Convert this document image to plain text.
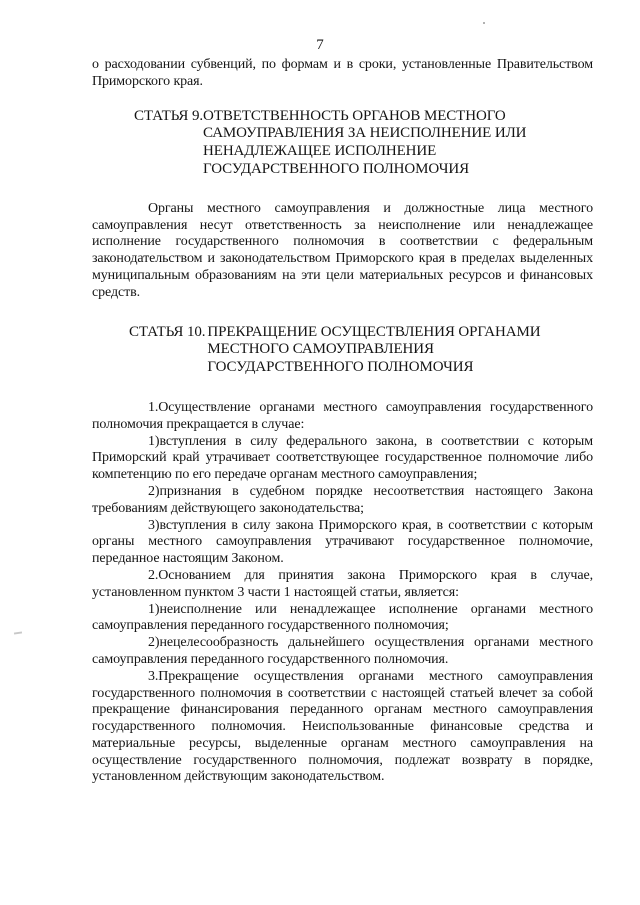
7

о расходовании субвенций, по формам и в сроки, установленные Правительством Приморского края.

СТАТЬЯ 9. ОТВЕТСТВЕННОСТЬ ОРГАНОВ МЕСТНОГО САМОУПРАВЛЕНИЯ ЗА НЕИСПОЛНЕНИЕ ИЛИ НЕНАДЛЕЖАЩЕЕ ИСПОЛНЕНИЕ ГОСУДАРСТВЕННОГО ПОЛНОМОЧИЯ

Органы местного самоуправления и должностные лица местного самоуправления несут ответственность за неисполнение или ненадлежащее исполнение государственного полномочия в соответствии с федеральным законодательством и законодательством Приморского края в пределах выделенных муниципальным образованиям на эти цели материальных ресурсов и финансовых средств.

СТАТЬЯ 10. ПРЕКРАЩЕНИЕ ОСУЩЕСТВЛЕНИЯ ОРГАНАМИ МЕСТНОГО САМОУПРАВЛЕНИЯ ГОСУДАРСТВЕННОГО ПОЛНОМОЧИЯ

1.Осуществление органами местного самоуправления государственного полномочия прекращается в случае:

1)вступления в силу федерального закона, в соответствии с которым Приморский край утрачивает соответствующее государственное полномочие либо компетенцию по его передаче органам местного самоуправления;

2)признания в судебном порядке несоответствия настоящего Закона требованиям действующего законодательства;

3)вступления в силу закона Приморского края, в соответствии с которым органы местного самоуправления утрачивают государственное полномочие, переданное настоящим Законом.

2.Основанием для принятия закона Приморского края в случае, установленном пунктом 3 части 1 настоящей статьи, является:

1)неисполнение или ненадлежащее исполнение органами местного самоуправления переданного государственного полномочия;

2)нецелесообразность дальнейшего осуществления органами местного самоуправления переданного государственного полномочия.

3.Прекращение осуществления органами местного самоуправления государственного полномочия в соответствии с настоящей статьей влечет за собой прекращение финансирования переданного органам местного самоуправления государственного полномочия. Неиспользованные финансовые средства и материальные ресурсы, выделенные органам местного самоуправления на осуществление государственного полномочия, подлежат возврату в порядке, установленном действующим законодательством.
